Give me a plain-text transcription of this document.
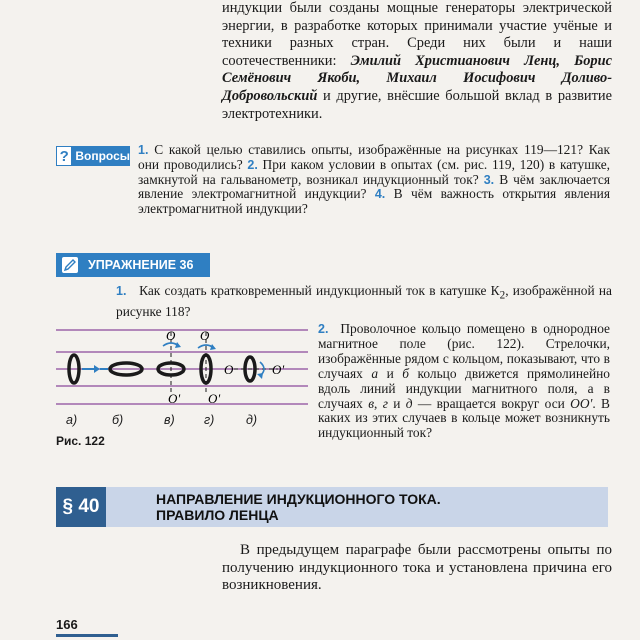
индукции были созданы мощные генераторы электрической энергии, в разработке которых принимали участие учёные и техники разных стран. Среди них были и наши соотечественники: Эмилий Христианович Ленц, Борис Семёнович Якоби, Михаил Иосифович Доливо-Добровольский и другие, внёсшие большой вклад в развитие электротехники.
? Вопросы 1. С какой целью ставились опыты, изображённые на рисунках 119—121? Как они проводились? 2. При каком условии в опытах (см. рис. 119, 120) в катушке, замкнутой на гальванометр, возникал индукционный ток? 3. В чём заключается явление электромагнитной индукции? 4. В чём важность открытия явления электромагнитной индукции?
УПРАЖНЕНИЕ 36
1. Как создать кратковременный индукционный ток в катушке $К_2$, изображённой на рисунке 118?
2. Проволочное кольцо помещено в однородное магнитное поле (рис. 122). Стрелочки, изображённые рядом с кольцом, показывают, что в случаях а и б кольцо движется прямолинейно вдоль линий индукции магнитного поля, а в случаях в, г и д — вращается вокруг оси ОО'. В каких из этих случаев в кольце может возникнуть индукционный ток?
О
О'
О
О'
О	О'
а)	б)	в) г)	д)
Рис. 122
§ 40	НАПРАВЛЕНИЕ ИНДУКЦИОННОГО ТОКА.
ПРАВИЛО ЛЕНЦА
В предыдущем параграфе были рассмотрены опыты по получению индукционного тока и установлена причина его возникновения.
166
